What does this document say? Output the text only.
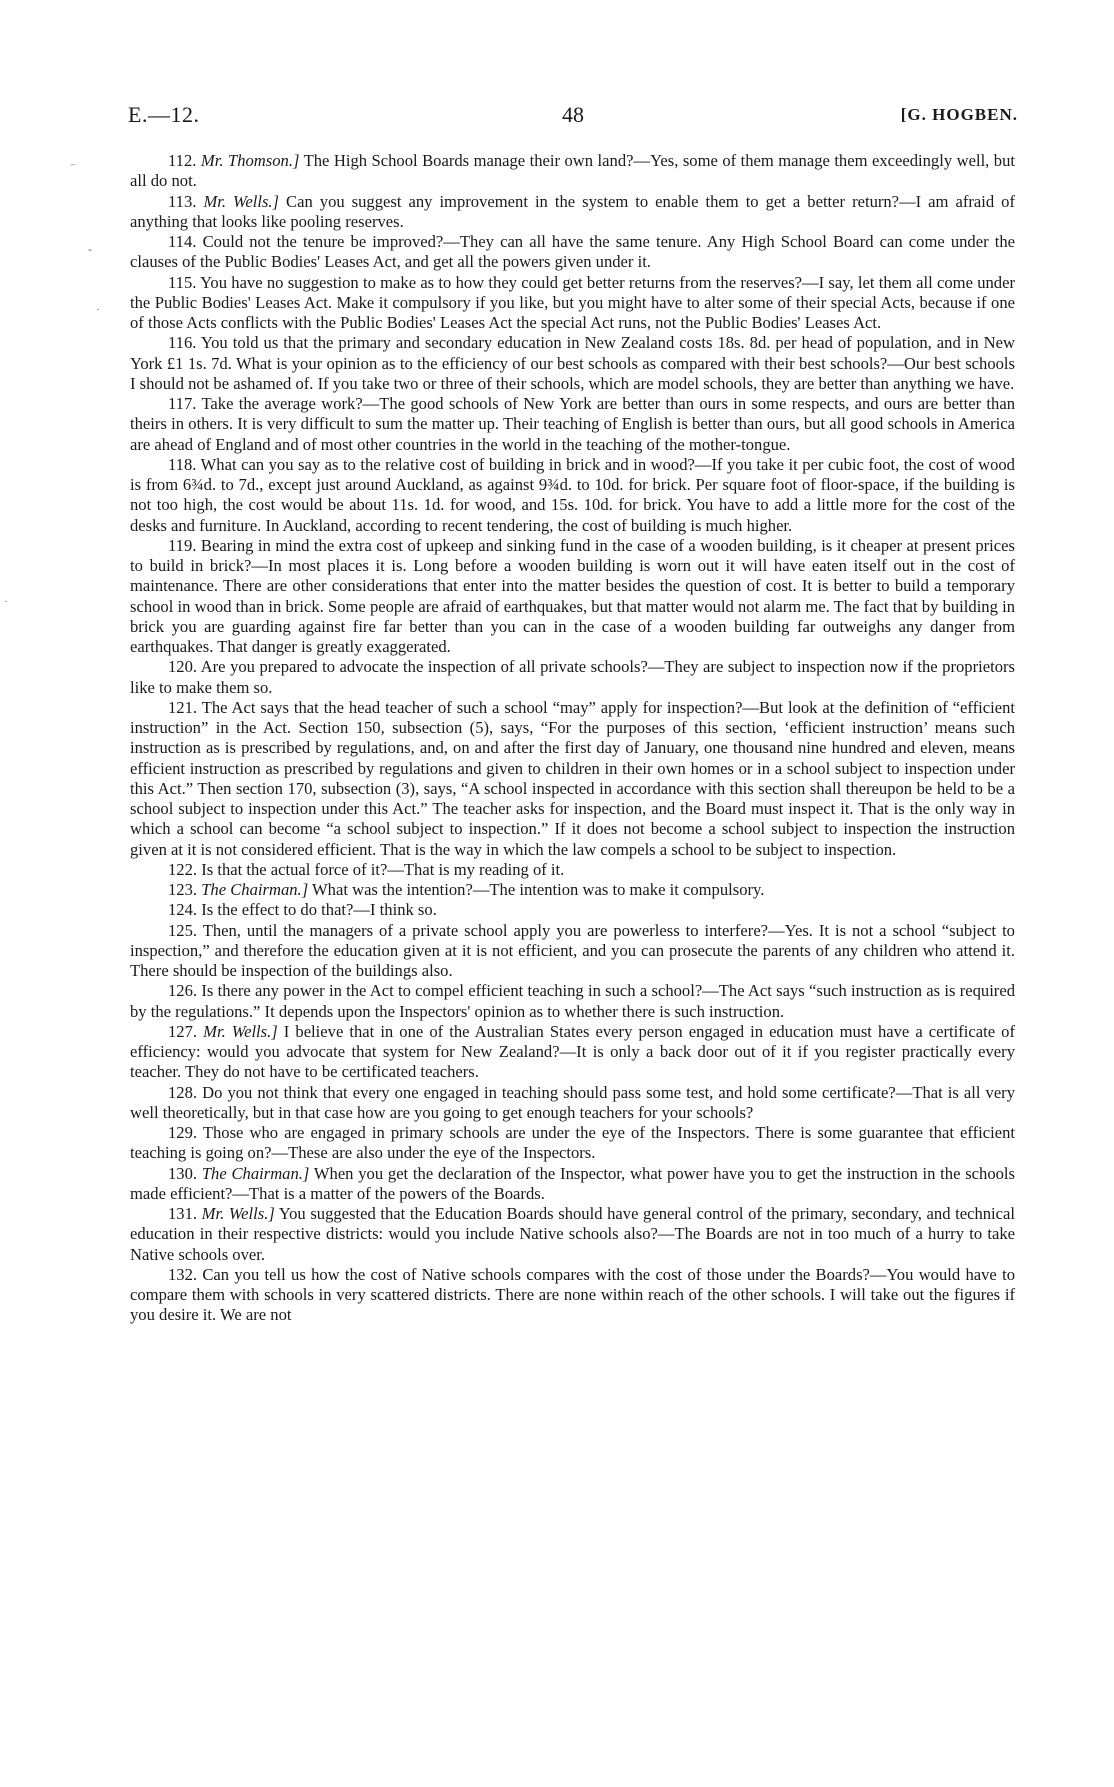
E.—12.	48	[G. HOGBEN.
⁻
‐
·
·

112. Mr. Thomson.] The High School Boards manage their own land?—Yes, some of them manage them exceedingly well, but all do not.

113. Mr. Wells.] Can you suggest any improvement in the system to enable them to get a better return?—I am afraid of anything that looks like pooling reserves.

114. Could not the tenure be improved?—They can all have the same tenure. Any High School Board can come under the clauses of the Public Bodies' Leases Act, and get all the powers given under it.

115. You have no suggestion to make as to how they could get better returns from the reserves?—I say, let them all come under the Public Bodies' Leases Act. Make it compulsory if you like, but you might have to alter some of their special Acts, because if one of those Acts conflicts with the Public Bodies' Leases Act the special Act runs, not the Public Bodies' Leases Act.

116. You told us that the primary and secondary education in New Zealand costs 18s. 8d. per head of population, and in New York £1 1s. 7d. What is your opinion as to the efficiency of our best schools as compared with their best schools?—Our best schools I should not be ashamed of. If you take two or three of their schools, which are model schools, they are better than anything we have.

117. Take the average work?—The good schools of New York are better than ours in some respects, and ours are better than theirs in others. It is very difficult to sum the matter up. Their teaching of English is better than ours, but all good schools in America are ahead of England and of most other countries in the world in the teaching of the mother-tongue.

118. What can you say as to the relative cost of building in brick and in wood?—If you take it per cubic foot, the cost of wood is from 6¾d. to 7d., except just around Auckland, as against 9¾d. to 10d. for brick. Per square foot of floor-space, if the building is not too high, the cost would be about 11s. 1d. for wood, and 15s. 10d. for brick. You have to add a little more for the cost of the desks and furniture. In Auckland, according to recent tendering, the cost of building is much higher.

119. Bearing in mind the extra cost of upkeep and sinking fund in the case of a wooden building, is it cheaper at present prices to build in brick?—In most places it is. Long before a wooden building is worn out it will have eaten itself out in the cost of maintenance. There are other considerations that enter into the matter besides the question of cost. It is better to build a temporary school in wood than in brick. Some people are afraid of earthquakes, but that matter would not alarm me. The fact that by building in brick you are guarding against fire far better than you can in the case of a wooden building far outweighs any danger from earthquakes. That danger is greatly exaggerated.

120. Are you prepared to advocate the inspection of all private schools?—They are subject to inspection now if the proprietors like to make them so.

121. The Act says that the head teacher of such a school “may” apply for inspection?—But look at the definition of “efficient instruction” in the Act. Section 150, subsection (5), says, “For the purposes of this section, ‘efficient instruction’ means such instruction as is prescribed by regulations, and, on and after the first day of January, one thousand nine hundred and eleven, means efficient instruction as prescribed by regulations and given to children in their own homes or in a school subject to inspection under this Act.” Then section 170, subsection (3), says, “A school inspected in accordance with this section shall thereupon be held to be a school subject to inspection under this Act.” The teacher asks for inspection, and the Board must inspect it. That is the only way in which a school can become “a school subject to inspection.” If it does not become a school subject to inspection the instruction given at it is not considered efficient. That is the way in which the law compels a school to be subject to inspection.

122. Is that the actual force of it?—That is my reading of it.

123. The Chairman.] What was the intention?—The intention was to make it compulsory.

124. Is the effect to do that?—I think so.

125. Then, until the managers of a private school apply you are powerless to interfere?—Yes. It is not a school “subject to inspection,” and therefore the education given at it is not efficient, and you can prosecute the parents of any children who attend it. There should be inspection of the buildings also.

126. Is there any power in the Act to compel efficient teaching in such a school?—The Act says “such instruction as is required by the regulations.” It depends upon the Inspectors' opinion as to whether there is such instruction.

127. Mr. Wells.] I believe that in one of the Australian States every person engaged in education must have a certificate of efficiency: would you advocate that system for New Zealand?—It is only a back door out of it if you register practically every teacher. They do not have to be certificated teachers.

128. Do you not think that every one engaged in teaching should pass some test, and hold some certificate?—That is all very well theoretically, but in that case how are you going to get enough teachers for your schools?

129. Those who are engaged in primary schools are under the eye of the Inspectors. There is some guarantee that efficient teaching is going on?—These are also under the eye of the Inspectors.

130. The Chairman.] When you get the declaration of the Inspector, what power have you to get the instruction in the schools made efficient?—That is a matter of the powers of the Boards.

131. Mr. Wells.] You suggested that the Education Boards should have general control of the primary, secondary, and technical education in their respective districts: would you include Native schools also?—The Boards are not in too much of a hurry to take Native schools over.

132. Can you tell us how the cost of Native schools compares with the cost of those under the Boards?—You would have to compare them with schools in very scattered districts. There are none within reach of the other schools. I will take out the figures if you desire it. We are not
